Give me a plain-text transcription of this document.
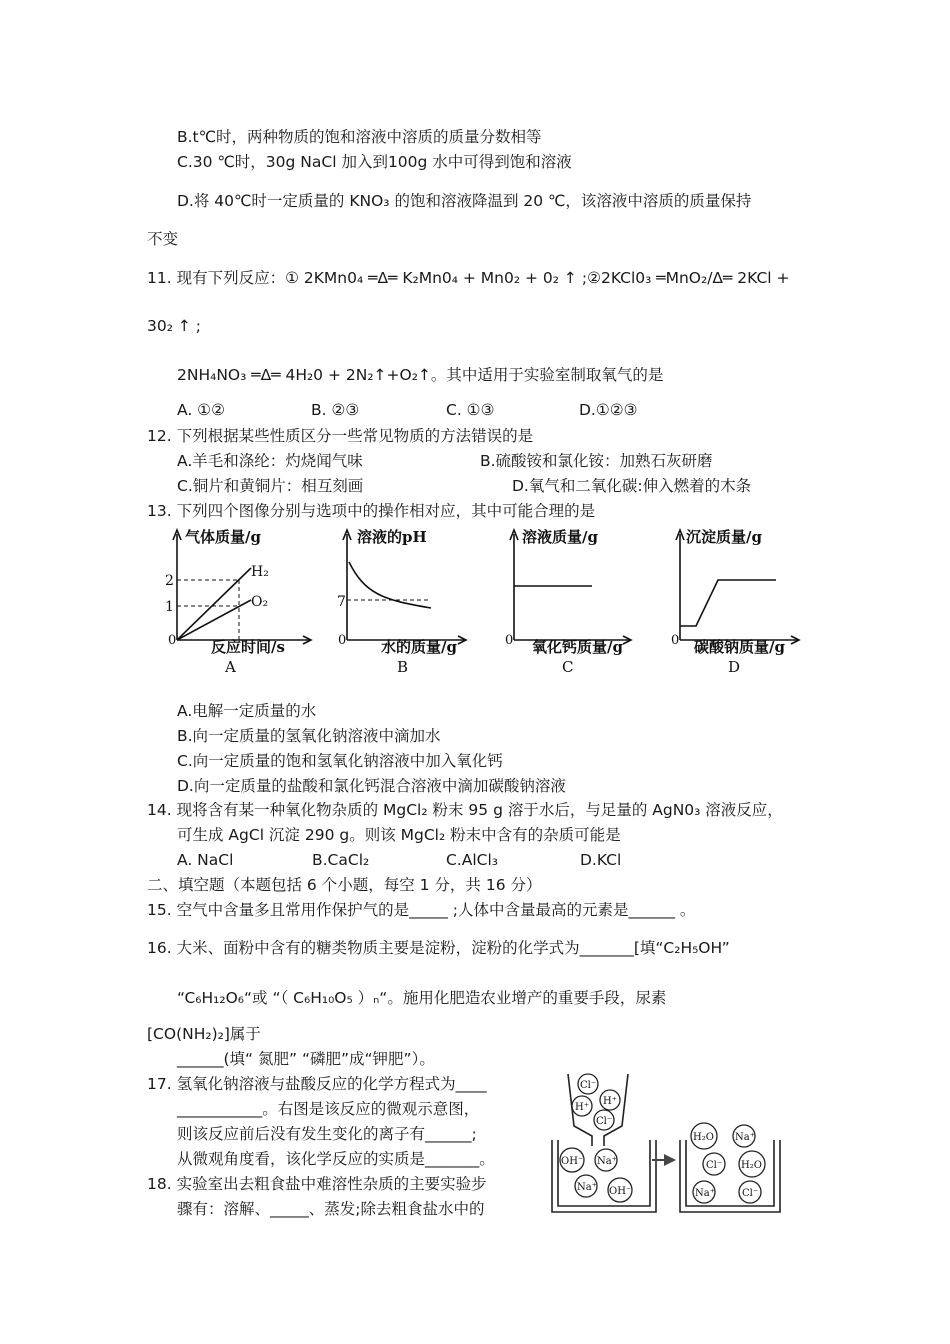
B.t℃时，两种物质的饱和溶液中溶质的质量分数相等
C.30 ℃时，30g NaCl 加入到100g 水中可得到饱和溶液
D.将 40℃时一定质量的 KNO₃ 的饱和溶液降温到 20 ℃，该溶液中溶质的质量保持
不变
11. 现有下列反应：① 2KMn0₄ ═Δ═ K₂Mn0₄ + Mn0₂ + 0₂ ↑ ;②2KCl0₃ ═MnO₂/Δ═ 2KCl +
30₂ ↑ ;
2NH₄NO₃ ═Δ═ 4H₂0 + 2N₂↑+O₂↑。其中适用于实验室制取氧气的是
A. ①②	B. ②③	C. ①③	D.①②③
12. 下列根据某些性质区分一些常见物质的方法错误的是
A.羊毛和涤纶：灼烧闻气味	B.硫酸铵和氯化铵：加熟石灰研磨
C.铜片和黄铜片：相互刻画	D.氧气和二氧化碳:伸入燃着的木条
13. 下列四个图像分别与选项中的操作相对应，其中可能合理的是
气体质量/g
2
1
0
H₂
O₂
反应时间/s
A
溶液的pH
7
0 水的质量/g
B
溶液质量/g
0 氧化钙质量/g
C
沉淀质量/g
0 碳酸钠质量/g
D
A.电解一定质量的水
B.向一定质量的氢氧化钠溶液中滴加水
C.向一定质量的饱和氢氧化钠溶液中加入氧化钙
D.向一定质量的盐酸和氯化钙混合溶液中滴加碳酸钠溶液
14. 现将含有某一种氧化物杂质的 MgCl₂ 粉末 95 g 溶于水后，与足量的 AgN0₃ 溶液反应，
可生成 AgCl 沉淀 290 g。则该 MgCl₂ 粉末中含有的杂质可能是
A. NaCl	B.CaCl₂	C.AlCl₃	D.KCl
二、填空题（本题包括 6 个小题，每空 1 分，共 16 分）
15. 空气中含量多且常用作保护气的是_____ ;人体中含量最高的元素是______ 。
16. 大米、面粉中含有的糖类物质主要是淀粉，淀粉的化学式为_______[填“C₂H₅OH”
“C₆H₁₂O₆“或 “（ C₆H₁₀O₅ ）ₙ“。施用化肥造农业增产的重要手段，尿素
[CO(NH₂)₂]属于
______(填“ 氮肥” “磷肥”成“钾肥”）。
17. 氢氧化钠溶液与盐酸反应的化学方程式为____
___________。右图是该反应的微观示意图，
则该反应前后没有发生变化的离子有______;
从微观角度看，该化学反应的实质是_______。
18. 实验室出去粗食盐中难溶性杂质的主要实验步
骤有：溶解、_____、蒸发;除去粗食盐水中的
Cl⁻
H⁺
H⁺
Cl⁻
OH⁻ Na⁺
Na⁺ OH⁻
H₂O Na⁺
Cl⁻ H₂O
Na⁺	Cl⁻
